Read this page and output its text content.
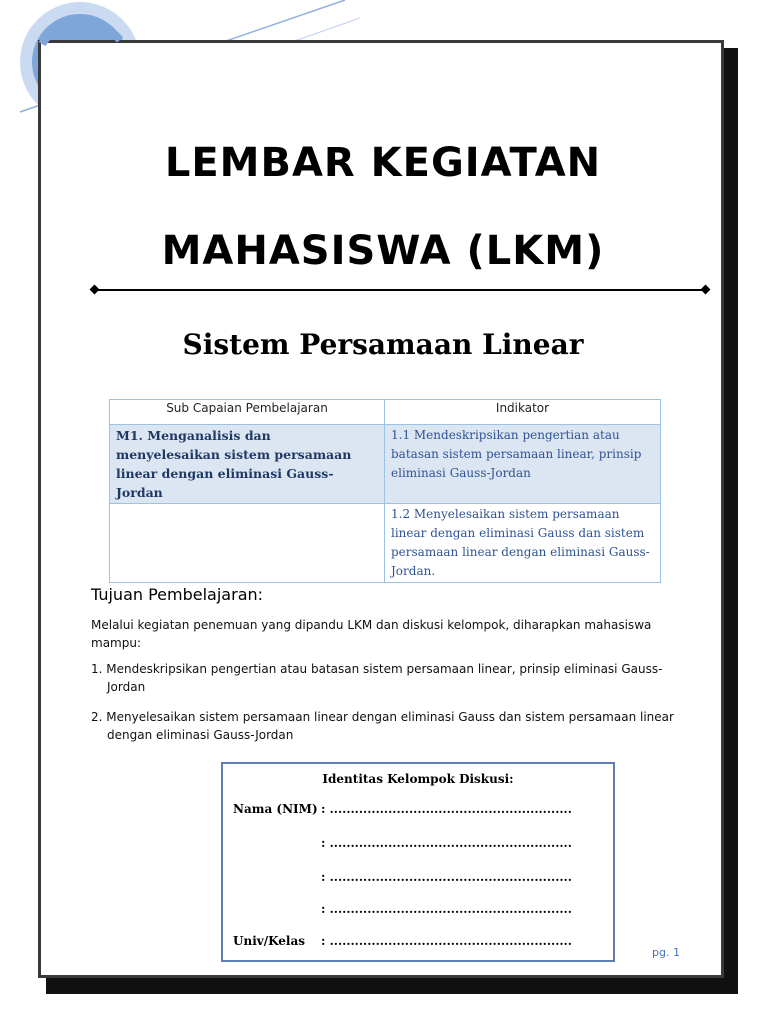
LEMBAR KEGIATAN
MAHASISWA (LKM)
Sistem Persamaan Linear
Sub Capaian Pembelajaran	Indikator
M1. Menganalisis dan menyelesaikan sistem persamaan linear dengan eliminasi Gauss-Jordan	1.1 Mendeskripsikan pengertian atau batasan sistem persamaan linear, prinsip eliminasi Gauss-Jordan
	1.2 Menyelesaikan sistem persamaan linear dengan eliminasi Gauss dan sistem persamaan linear dengan eliminasi Gauss-Jordan.
Tujuan Pembelajaran:
Melalui kegiatan penemuan yang dipandu LKM dan diskusi kelompok, diharapkan mahasiswa mampu:
1. Mendeskripsikan pengertian atau batasan sistem persamaan linear, prinsip eliminasi Gauss-Jordan
2. Menyelesaikan sistem persamaan linear dengan eliminasi Gauss dan sistem persamaan linear dengan eliminasi Gauss-Jordan
Identitas Kelompok Diskusi:
Nama (NIM) : ..........................................................
: ..........................................................
: ..........................................................
: ..........................................................
Univ/Kelas : ..........................................................
pg. 1
